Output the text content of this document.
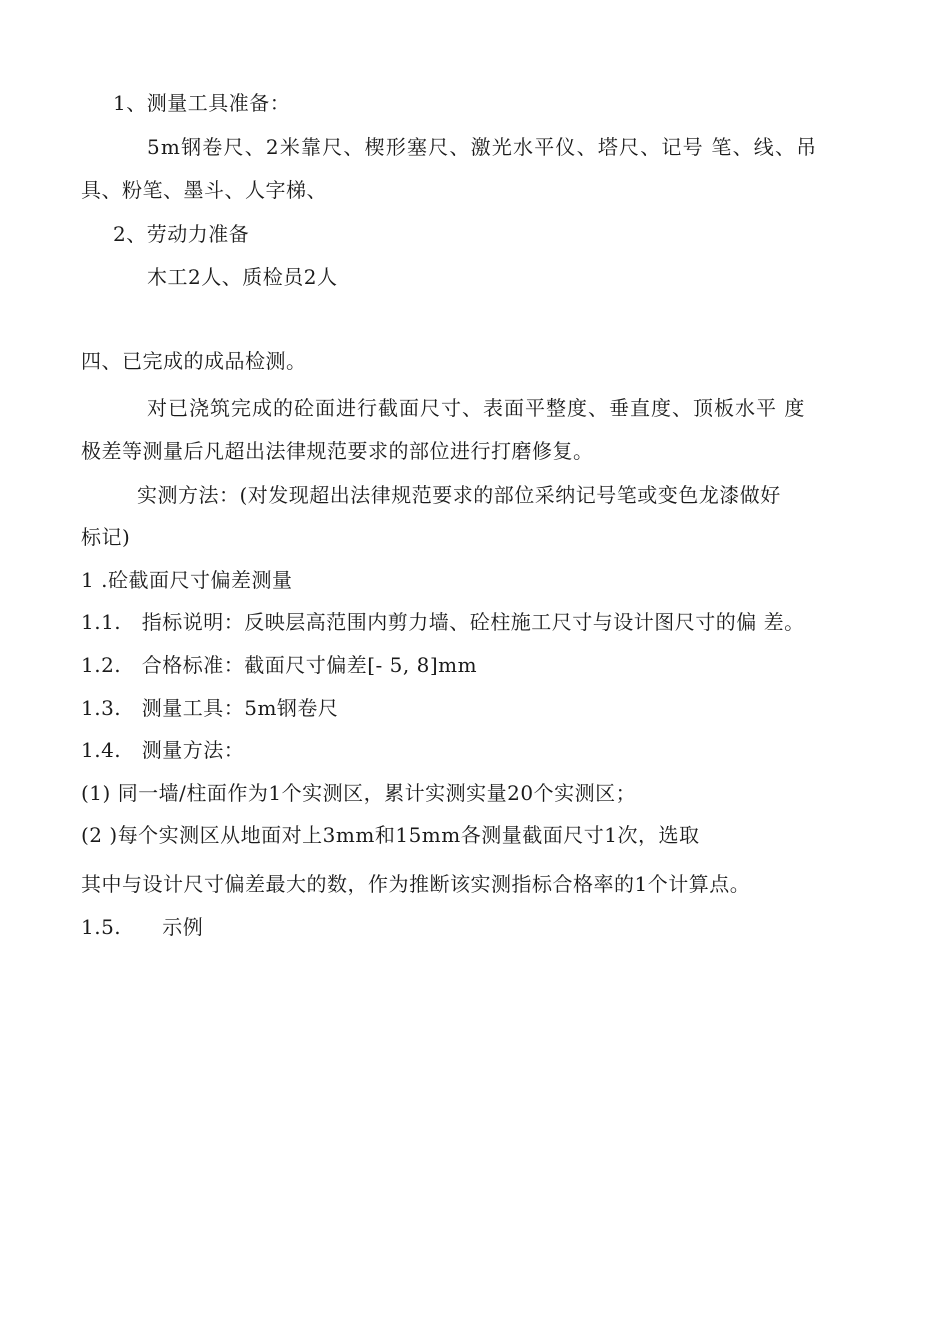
1、测量工具准备：
5m钢卷尺、2米靠尺、楔形塞尺、激光水平仪、塔尺、记号 笔、线、吊
具、粉笔、墨斗、人字梯、
2、劳动力准备
木工2人、质检员2人
四、已完成的成品检测。
对已浇筑完成的砼面进行截面尺寸、表面平整度、垂直度、顶板水平 度
极差等测量后凡超出法律规范要求的部位进行打磨修复。
实测方法：(对发现超出法律规范要求的部位采纳记号笔或变色龙漆做好
标记)
1 .砼截面尺寸偏差测量
1.1.   指标说明：反映层高范围内剪力墙、砼柱施工尺寸与设计图尺寸的偏 差。
1.2.   合格标准：截面尺寸偏差[- 5, 8]mm
1.3.   测量工具：5m钢卷尺
1.4.   测量方法：
(1) 同一墙/柱面作为1个实测区，累计实测实量20个实测区；
(2 )每个实测区从地面对上3mm和15mm各测量截面尺寸1次，选取
其中与设计尺寸偏差最大的数，作为推断该实测指标合格率的1个计算点。
1.5.      示例
